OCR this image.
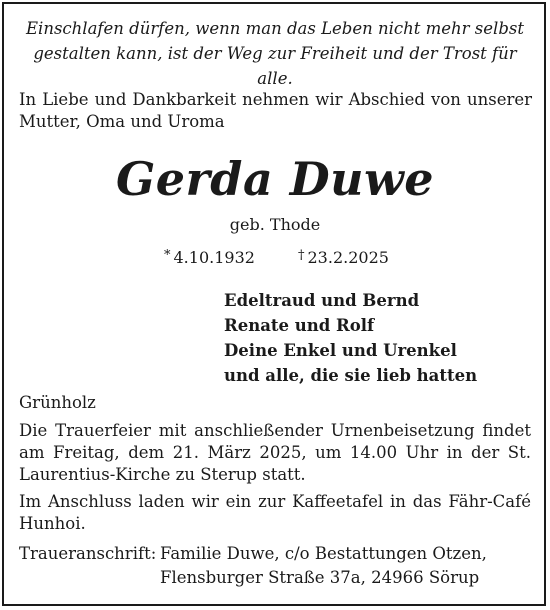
Einschlafen dürfen, wenn man das Leben nicht mehr selbst
gestalten kann, ist der Weg zur Freiheit und der Trost für alle.
In Liebe und Dankbarkeit nehmen wir Abschied von unserer Mutter, Oma und Uroma
Gerda Duwe
geb. Thode
* 4.10.1932	† 23.2.2025
Edeltraud und Bernd
Renate und Rolf
Deine Enkel und Urenkel
und alle, die sie lieb hatten
Grünholz
Die Trauerfeier mit anschließender Urnenbeisetzung findet am Freitag, dem 21. März 2025, um 14.00 Uhr in der St. Laurentius-Kirche zu Sterup statt.
Im Anschluss laden wir ein zur Kaffeetafel in das Fähr-Café Hunhoi.
Traueranschrift: Familie Duwe, c/o Bestattungen Otzen,
Flensburger Straße 37a, 24966 Sörup
